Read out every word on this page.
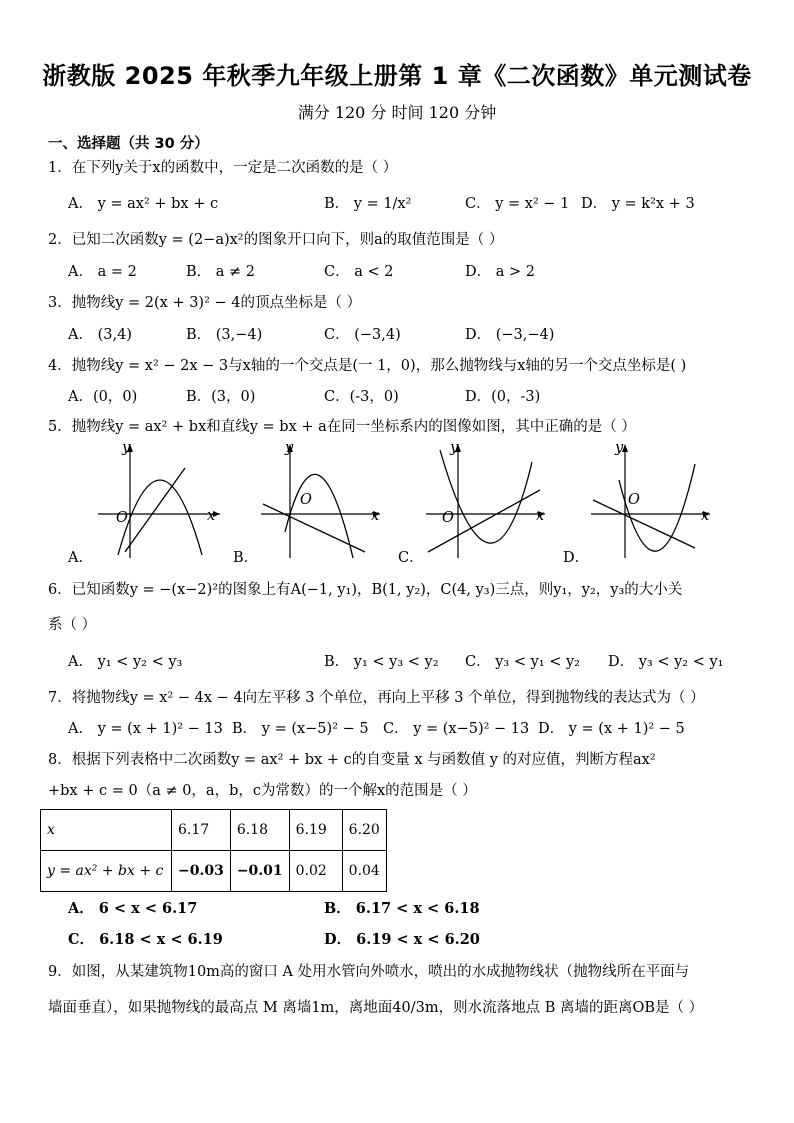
浙教版 2025 年秋季九年级上册第 1 章《二次函数》单元测试卷
满分 120 分 时间 120 分钟
一、选择题（共 30 分）
1．在下列y关于x的函数中，一定是二次函数的是（ ）
A． y = ax² + bx + c	B． y = 1/x²	C． y = x² − 1 D． y = k²x + 3
2．已知二次函数y = (2−a)x²的图象开口向下，则a的取值范围是（ ）
A． a = 2	B． a ≠ 2	C． a < 2	D． a > 2
3．抛物线y = 2(x + 3)² − 4的顶点坐标是（ ）
A． (3,4)	B． (3,−4)	C． (−3,4)	D． (−3,−4)
4．抛物线y = x² − 2x − 3与x轴的一个交点是(一 1，0)，那么抛物线与x轴的另一个交点坐标是( )
A．(0，0)	B．(3，0)	C．(-3，0)	D．(0，-3)
5．抛物线y = ax² + bx和直线y = bx + a在同一坐标系内的图像如图，其中正确的是（ ）
y
x
O
A．
y
x
O
B．
y
x
O
C．
y
x
O
D．
6．已知函数y = −(x−2)²的图象上有A(−1, y₁)，B(1, y₂)，C(4, y₃)三点，则y₁，y₂，y₃的大小关
系（ ）
A． y₁ < y₂ < y₃	B． y₁ < y₃ < y₂ C． y₃ < y₁ < y₂ D． y₃ < y₂ < y₁
7．将抛物线y = x² − 4x − 4向左平移 3 个单位，再向上平移 3 个单位，得到抛物线的表达式为（ ）
A． y = (x + 1)² − 13 B． y = (x−5)² − 5 C． y = (x−5)² − 13 D． y = (x + 1)² − 5
8．根据下列表格中二次函数y = ax² + bx + c的自变量 x 与函数值 y 的对应值，判断方程ax²
+bx + c = 0（a ≠ 0，a，b，c为常数）的一个解x的范围是（ ）
x	6.17	6.18	6.19	6.20
y = ax² + bx + c	−0.03	−0.01	0.02	0.04
A． 6 < x < 6.17	B． 6.17 < x < 6.18
C． 6.18 < x < 6.19	D． 6.19 < x < 6.20
9．如图，从某建筑物10m高的窗口 A 处用水管向外喷水，喷出的水成抛物线状（抛物线所在平面与
墙面垂直），如果抛物线的最高点 M 离墙1m，离地面40/3m，则水流落地点 B 离墙的距离OB是（ ）
